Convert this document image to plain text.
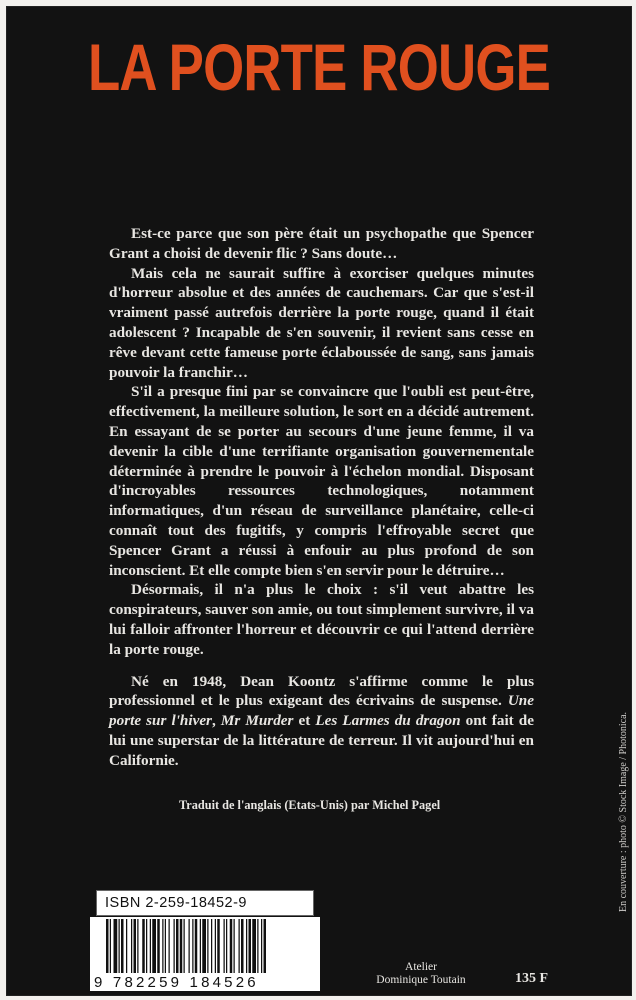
LA PORTE ROUGE

Est-ce parce que son père était un psychopathe que Spencer Grant a choisi de devenir flic ? Sans doute…

Mais cela ne saurait suffire à exorciser quelques minutes d'horreur absolue et des années de cauchemars. Car que s'est-il vraiment passé autrefois derrière la porte rouge, quand il était adolescent ? Incapable de s'en souvenir, il revient sans cesse en rêve devant cette fameuse porte éclaboussée de sang, sans jamais pouvoir la franchir…

S'il a presque fini par se convaincre que l'oubli est peut-être, effectivement, la meilleure solution, le sort en a décidé autrement. En essayant de se porter au secours d'une jeune femme, il va devenir la cible d'une terrifiante organisation gouvernementale déterminée à prendre le pouvoir à l'échelon mondial. Disposant d'incroyables ressources technologiques, notamment informatiques, d'un réseau de surveillance planétaire, celle-ci connaît tout des fugitifs, y compris l'effroyable secret que Spencer Grant a réussi à enfouir au plus profond de son inconscient. Et elle compte bien s'en servir pour le détruire…

Désormais, il n'a plus le choix : s'il veut abattre les conspirateurs, sauver son amie, ou tout simplement survivre, il va lui falloir affronter l'horreur et découvrir ce qui l'attend derrière la porte rouge.

Né en 1948, Dean Koontz s'affirme comme le plus professionnel et le plus exigeant des écrivains de suspense. Une porte sur l'hiver, Mr Murder et Les Larmes du dragon ont fait de lui une superstar de la littérature de terreur. Il vit aujourd'hui en Californie.

Traduit de l'anglais (Etats-Unis) par Michel Pagel	En couverture : photo © Stock Image / Photonica.
ISBN 2-259-18452-9
9 782259 184526
Atelier
Dominique Toutain	135 F
